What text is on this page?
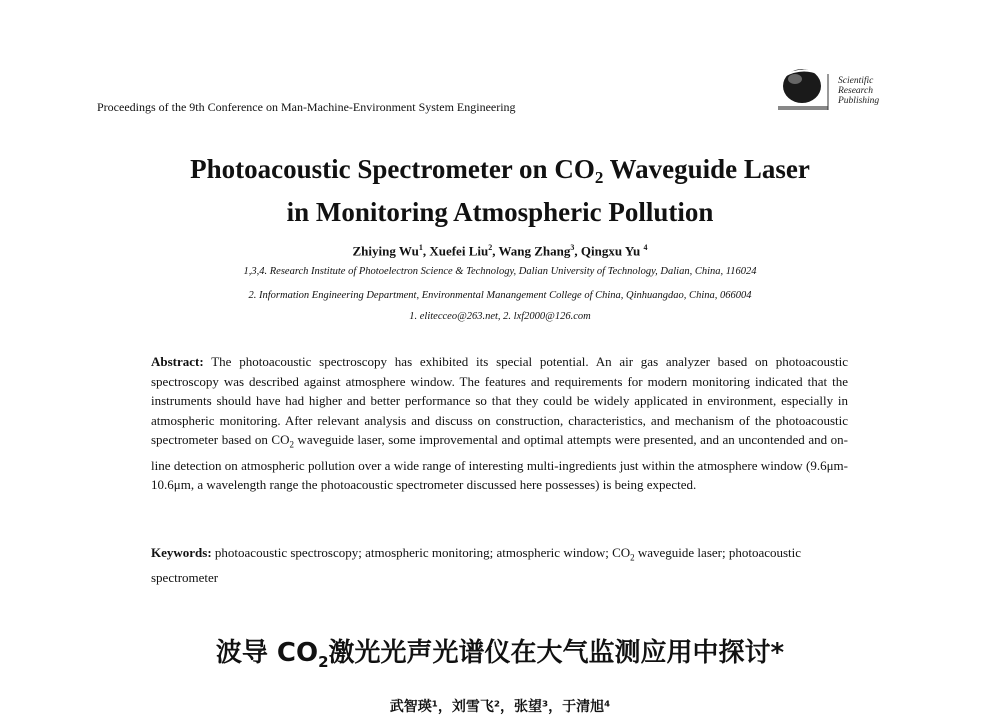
Proceedings of the 9th Conference on Man-Machine-Environment System Engineering
Scientific
Research
Publishing
Photoacoustic Spectrometer on $CO_2$ Waveguide Laser
in Monitoring Atmospheric Pollution
Zhiying Wu$^1$, Xuefei Liu$^2$, Wang Zhang$^3$, Qingxu Yu $^4$
1,3,4. Research Institute of Photoelectron Science & Technology, Dalian University of Technology, Dalian, China, 116024
2. Information Engineering Department, Environmental Manangement College of China, Qinhuangdao, China, 066004
1. elitecceo@263.net, 2. lxf2000@126.com
Abstract: The photoacoustic spectroscopy has exhibited its special potential. An air gas analyzer based on photoacoustic spectroscopy was described against atmosphere window. The features and requirements for modern monitoring indicated that the instruments should have had higher and better performance so that they could be widely applicated in environment, especially in atmospheric monitoring. After relevant analysis and discuss on construction, characteristics, and mechanism of the photoacoustic spectrometer based on $CO_2$ waveguide laser, some improvemental and optimal attempts were presented, and an uncontended and on-line detection on atmospheric pollution over a wide range of interesting multi-ingredients just within the atmosphere window (9.6μm-10.6μm, a wavelength range the photoacoustic spectrometer discussed here possesses) is being expected.
Keywords: photoacoustic spectroscopy; atmospheric monitoring; atmospheric window; $CO_2$ waveguide laser; photoacoustic spectrometer
波导 $CO_2$激光光声光谱仪在大气监测应用中探讨*
武智瑛¹，刘雪飞²，张望³，于清旭⁴
